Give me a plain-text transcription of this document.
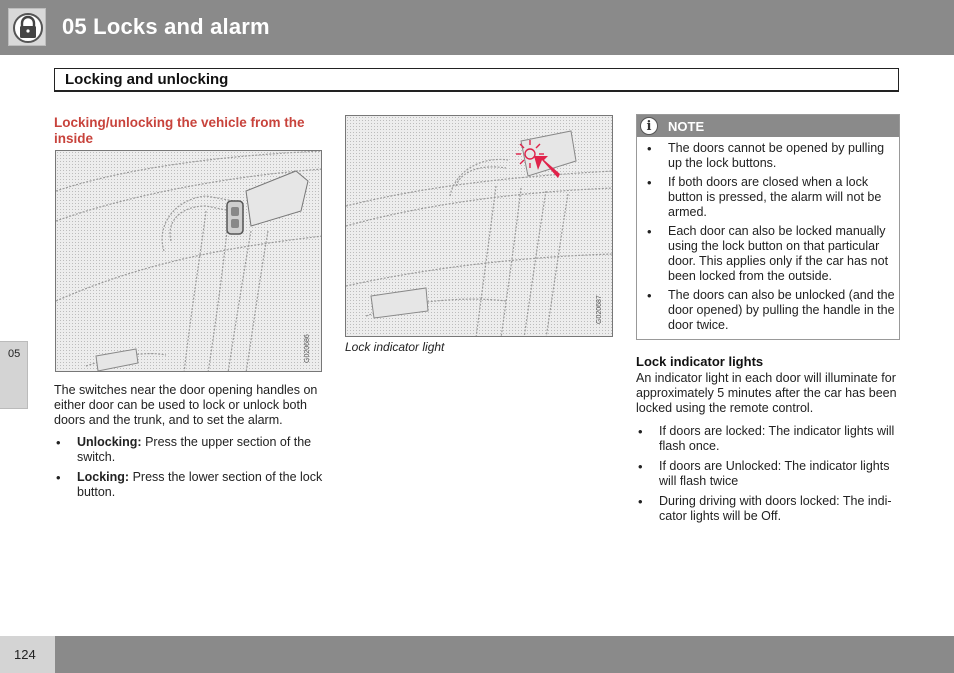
05 Locks and alarm
Locking and unlocking
05
Locking/unlocking the vehicle from the inside
G020686
G020687
Lock indicator light
The switches near the door opening handles on either door can be used to lock or unlock both doors and the trunk, and to set the alarm.
• Unlocking: Press the upper section of the switch.
• Locking: Press the lower section of the lock button.
i	NOTE
• The doors cannot be opened by pulling up the lock buttons.
• If both doors are closed when a lock button is pressed, the alarm will not be armed.
• Each door can also be locked manually using the lock button on that particular door. This applies only if the car has not been locked from the outside.
• The doors can also be unlocked (and the door opened) by pulling the handle in the door twice.
Lock indicator lights
An indicator light in each door will illuminate for approximately 5 minutes after the car has been locked using the remote control.
• If doors are locked: The indicator lights will flash once.
• If doors are Unlocked: The indicator lights will flash twice
• During driving with doors locked: The indi-cator lights will be Off.
124
